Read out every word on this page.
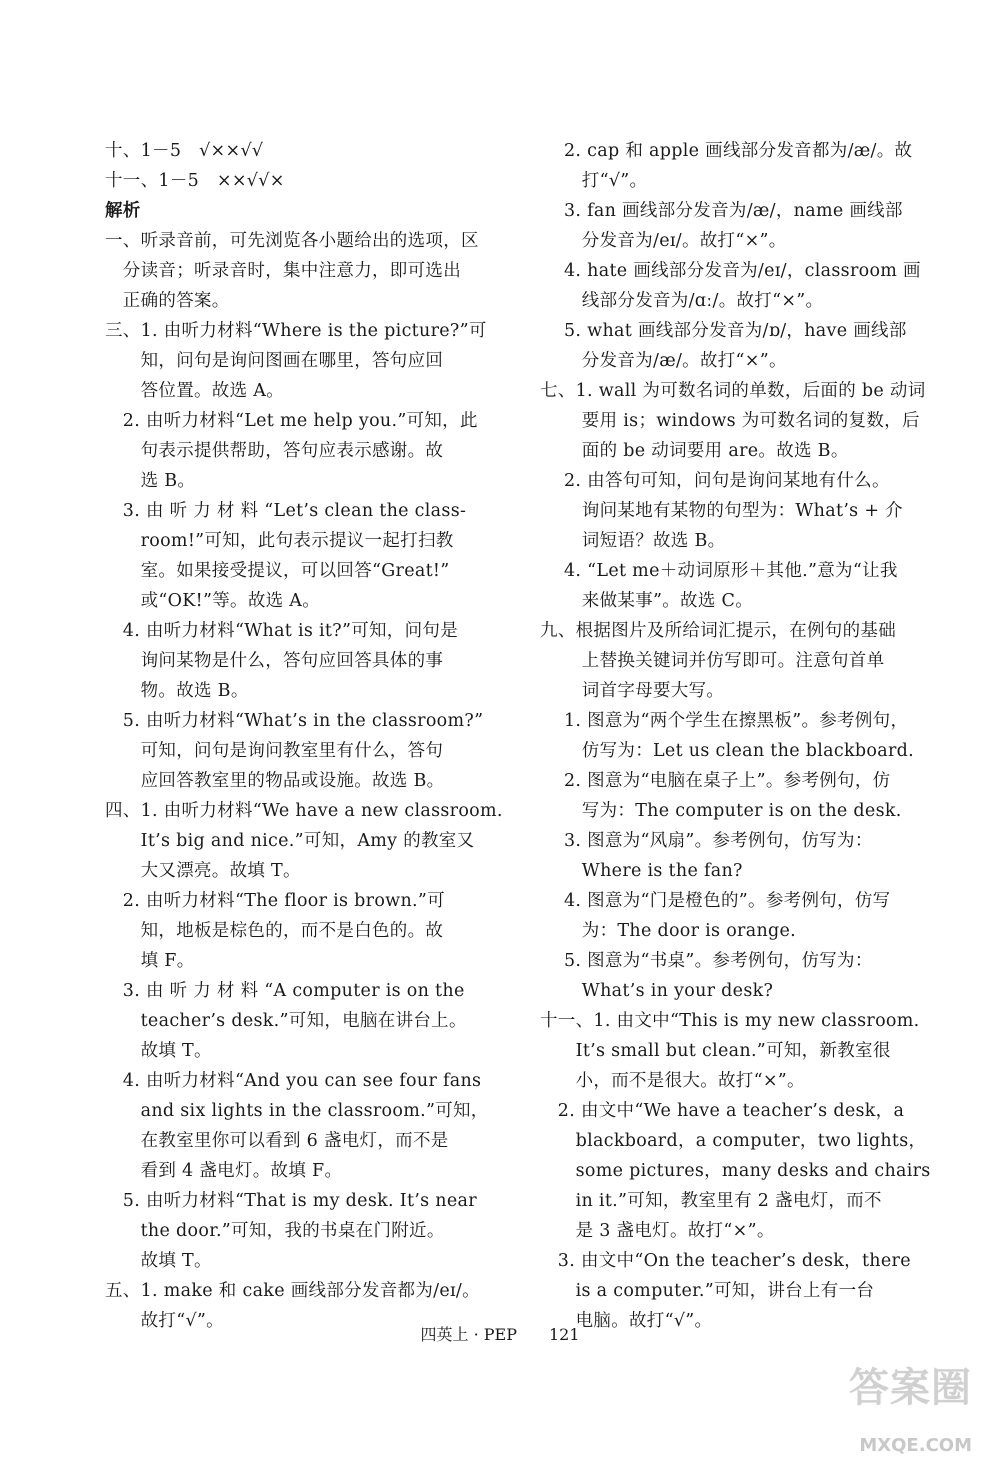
十、1－5　√××√√
十一、1－5　××√√×
解析
一、听录音前，可先浏览各小题给出的选项，区
　分读音；听录音时，集中注意力，即可选出
　正确的答案。
三、1. 由听力材料“Where is the picture?”可
　　知，问句是询问图画在哪里，答句应回
　　答位置。故选 A。
　2. 由听力材料“Let me help you.”可知，此
　　句表示提供帮助，答句应表示感谢。故
　　选 B。
　3. 由 听 力 材 料 “Let’s clean the class-
　　room!”可知，此句表示提议一起打扫教
　　室。如果接受提议，可以回答“Great!”
　　或“OK!”等。故选 A。
　4. 由听力材料“What is it?”可知，问句是
　　询问某物是什么，答句应回答具体的事
　　物。故选 B。
　5. 由听力材料“What’s in the classroom?”
　　可知，问句是询问教室里有什么，答句
　　应回答教室里的物品或设施。故选 B。
四、1. 由听力材料“We have a new classroom.
　　It’s big and nice.”可知，Amy 的教室又
　　大又漂亮。故填 T。
　2. 由听力材料“The floor is brown.”可
　　知，地板是棕色的，而不是白色的。故
　　填 F。
　3. 由 听 力 材 料 “A computer is on the
　　teacher’s desk.”可知，电脑在讲台上。
　　故填 T。
　4. 由听力材料“And you can see four fans
　　and six lights in the classroom.”可知，
　　在教室里你可以看到 6 盏电灯，而不是
　　看到 4 盏电灯。故填 F。
　5. 由听力材料“That is my desk. It’s near
　　the door.”可知，我的书桌在门附近。
　　故填 T。
五、1. make 和 cake 画线部分发音都为/eɪ/。
　　故打“√”。
2. cap 和 apple 画线部分发音都为/æ/。故
　打“√”。
3. fan 画线部分发音为/æ/，name 画线部
　分发音为/eɪ/。故打“×”。
4. hate 画线部分发音为/eɪ/，classroom 画
　线部分发音为/ɑː/。故打“×”。
5. what 画线部分发音为/ɒ/，have 画线部
　分发音为/æ/。故打“×”。
七、1. wall 为可数名词的单数，后面的 be 动词
　要用 is；windows 为可数名词的复数，后
　面的 be 动词要用 are。故选 B。
2. 由答句可知，问句是询问某地有什么。
　询问某地有某物的句型为：What’s + 介
　词短语？故选 B。
4. “Let me＋动词原形＋其他.”意为“让我
　来做某事”。故选 C。
九、根据图片及所给词汇提示，在例句的基础
　上替换关键词并仿写即可。注意句首单
　词首字母要大写。
1. 图意为“两个学生在擦黑板”。参考例句，
　仿写为：Let us clean the blackboard.
2. 图意为“电脑在桌子上”。参考例句，仿
　写为：The computer is on the desk.
3. 图意为“风扇”。参考例句，仿写为：
　Where is the fan?
4. 图意为“门是橙色的”。参考例句，仿写
　为：The door is orange.
5. 图意为“书桌”。参考例句，仿写为：
　What’s in your desk?
十一、1. 由文中“This is my new classroom.
　　It’s small but clean.”可知，新教室很
　　小，而不是很大。故打“×”。
　2. 由文中“We have a teacher’s desk，a
　　blackboard，a computer，two lights，
　　some pictures，many desks and chairs
　　in it.”可知，教室里有 2 盏电灯，而不
　　是 3 盏电灯。故打“×”。
　3. 由文中“On the teacher’s desk，there
　　is a computer.”可知，讲台上有一台
　　电脑。故打“√”。
四英上 · PEP　　121
答案圈
MXQE.COM
